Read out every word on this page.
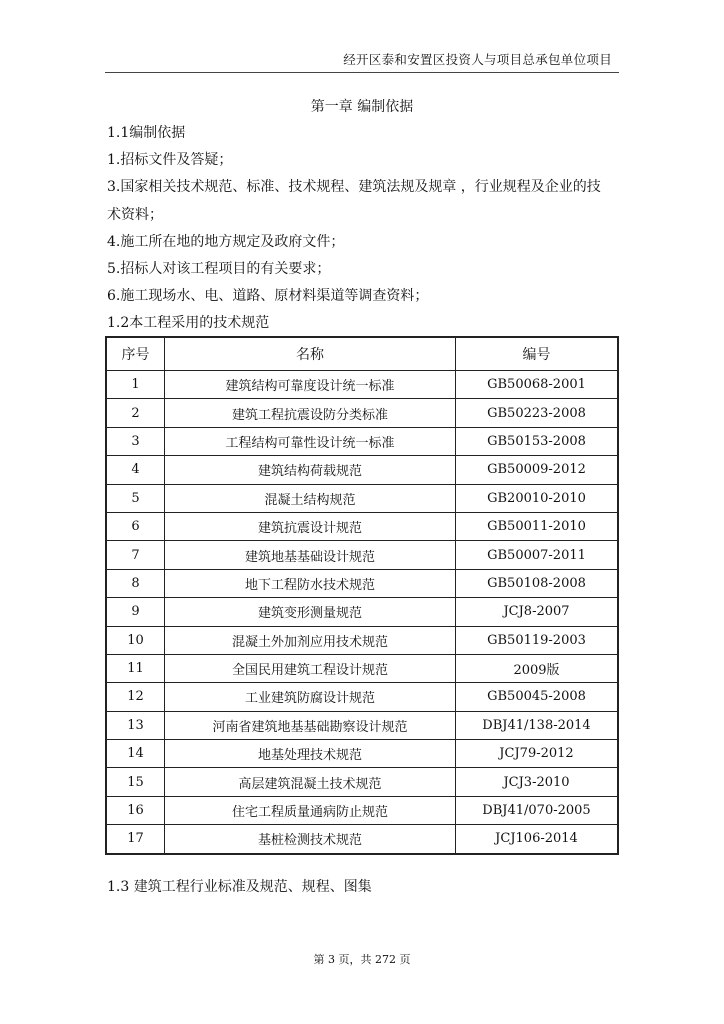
经开区泰和安置区投资人与项目总承包单位项目
第一章 编制依据

1.1编制依据

1.招标文件及答疑；

3.国家相关技术规范、标准、技术规程、建筑法规及规章 ，行业规程及企业的技

术资料；

4.施工所在地的地方规定及政府文件；

5.招标人对该工程项目的有关要求；

6.施工现场水、电、道路、原材料渠道等调查资料；

1.2本工程采用的技术规范

序号	名称	编号
1	建筑结构可靠度设计统一标准	GB50068-2001
2	建筑工程抗震设防分类标准	GB50223-2008
3	工程结构可靠性设计统一标准	GB50153-2008
4	建筑结构荷载规范	GB50009-2012
5	混凝土结构规范	GB20010-2010
6	建筑抗震设计规范	GB50011-2010
7	建筑地基基础设计规范	GB50007-2011
8	地下工程防水技术规范	GB50108-2008
9	建筑变形测量规范	JCJ8-2007
10	混凝土外加剂应用技术规范	GB50119-2003
11	全国民用建筑工程设计规范	2009版
12	工业建筑防腐设计规范	GB50045-2008
13	河南省建筑地基基础勘察设计规范	DBJ41/138-2014
14	地基处理技术规范	JCJ79-2012
15	高层建筑混凝土技术规范	JCJ3-2010
16	住宅工程质量通病防止规范	DBJ41/070-2005
17	基桩检测技术规范	JCJ106-2014
1.3 建筑工程行业标准及规范、规程、图集
第 3 页，共 272 页
